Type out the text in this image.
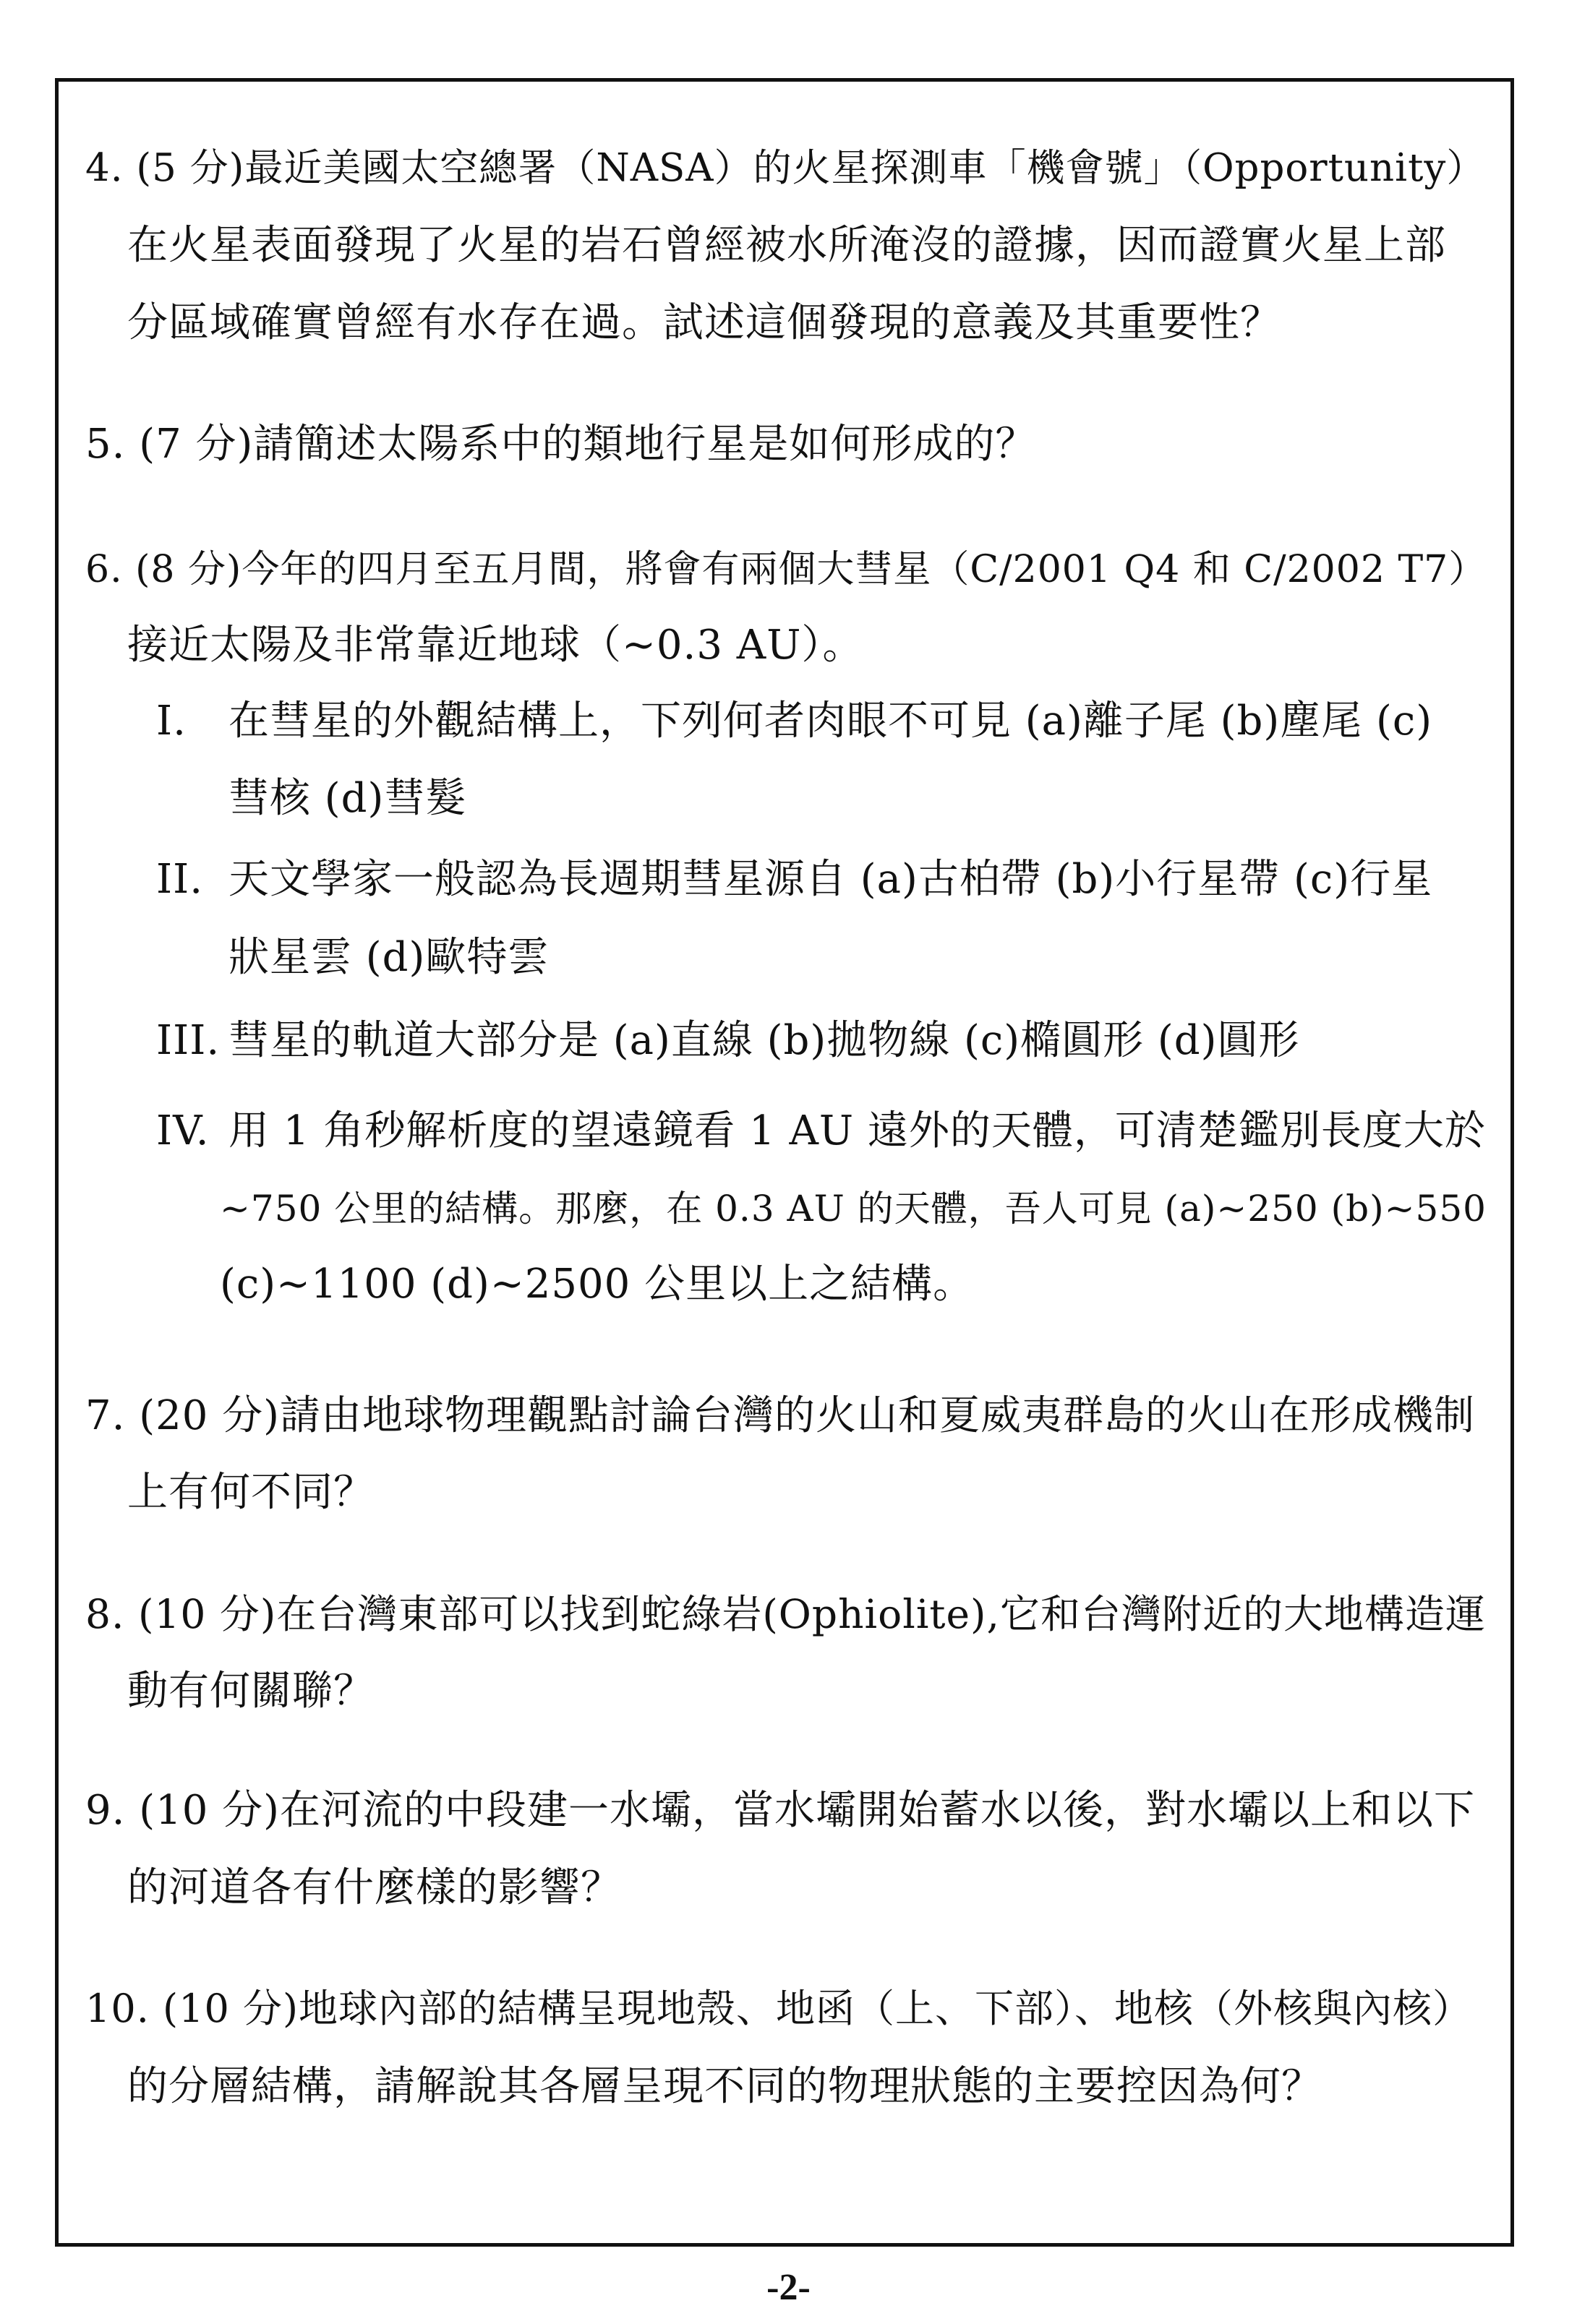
4. (5 分)最近美國太空總署（NASA）的火星探測車「機會號」（Opportunity）
在火星表面發現了火星的岩石曾經被水所淹沒的證據，因而證實火星上部
分區域確實曾經有水存在過。試述這個發現的意義及其重要性？
5. (7 分)請簡述太陽系中的類地行星是如何形成的？
6. (8 分)今年的四月至五月間，將會有兩個大彗星（C/2001 Q4 和 C/2002 T7）
接近太陽及非常靠近地球（~0.3 AU）。
I. 在彗星的外觀結構上，下列何者肉眼不可見 (a)離子尾 (b)塵尾 (c)
彗核 (d)彗髮
II. 天文學家一般認為長週期彗星源自 (a)古柏帶 (b)小行星帶 (c)行星
狀星雲 (d)歐特雲
III. 彗星的軌道大部分是 (a)直線 (b)拋物線 (c)橢圓形 (d)圓形
IV. 用 1 角秒解析度的望遠鏡看 1 AU 遠外的天體，可清楚鑑別長度大於
~750 公里的結構。那麼，在 0.3 AU 的天體，吾人可見 (a)~250 (b)~550
(c)~1100 (d)~2500 公里以上之結構。
7. (20 分)請由地球物理觀點討論台灣的火山和夏威夷群島的火山在形成機制
上有何不同？
8. (10 分)在台灣東部可以找到蛇綠岩(Ophiolite),它和台灣附近的大地構造運
動有何關聯？
9. (10 分)在河流的中段建一水壩，當水壩開始蓄水以後，對水壩以上和以下
的河道各有什麼樣的影響？
10. (10 分)地球內部的結構呈現地殼、地函（上、下部）、地核（外核與內核）
的分層結構，請解說其各層呈現不同的物理狀態的主要控因為何？
-2-
